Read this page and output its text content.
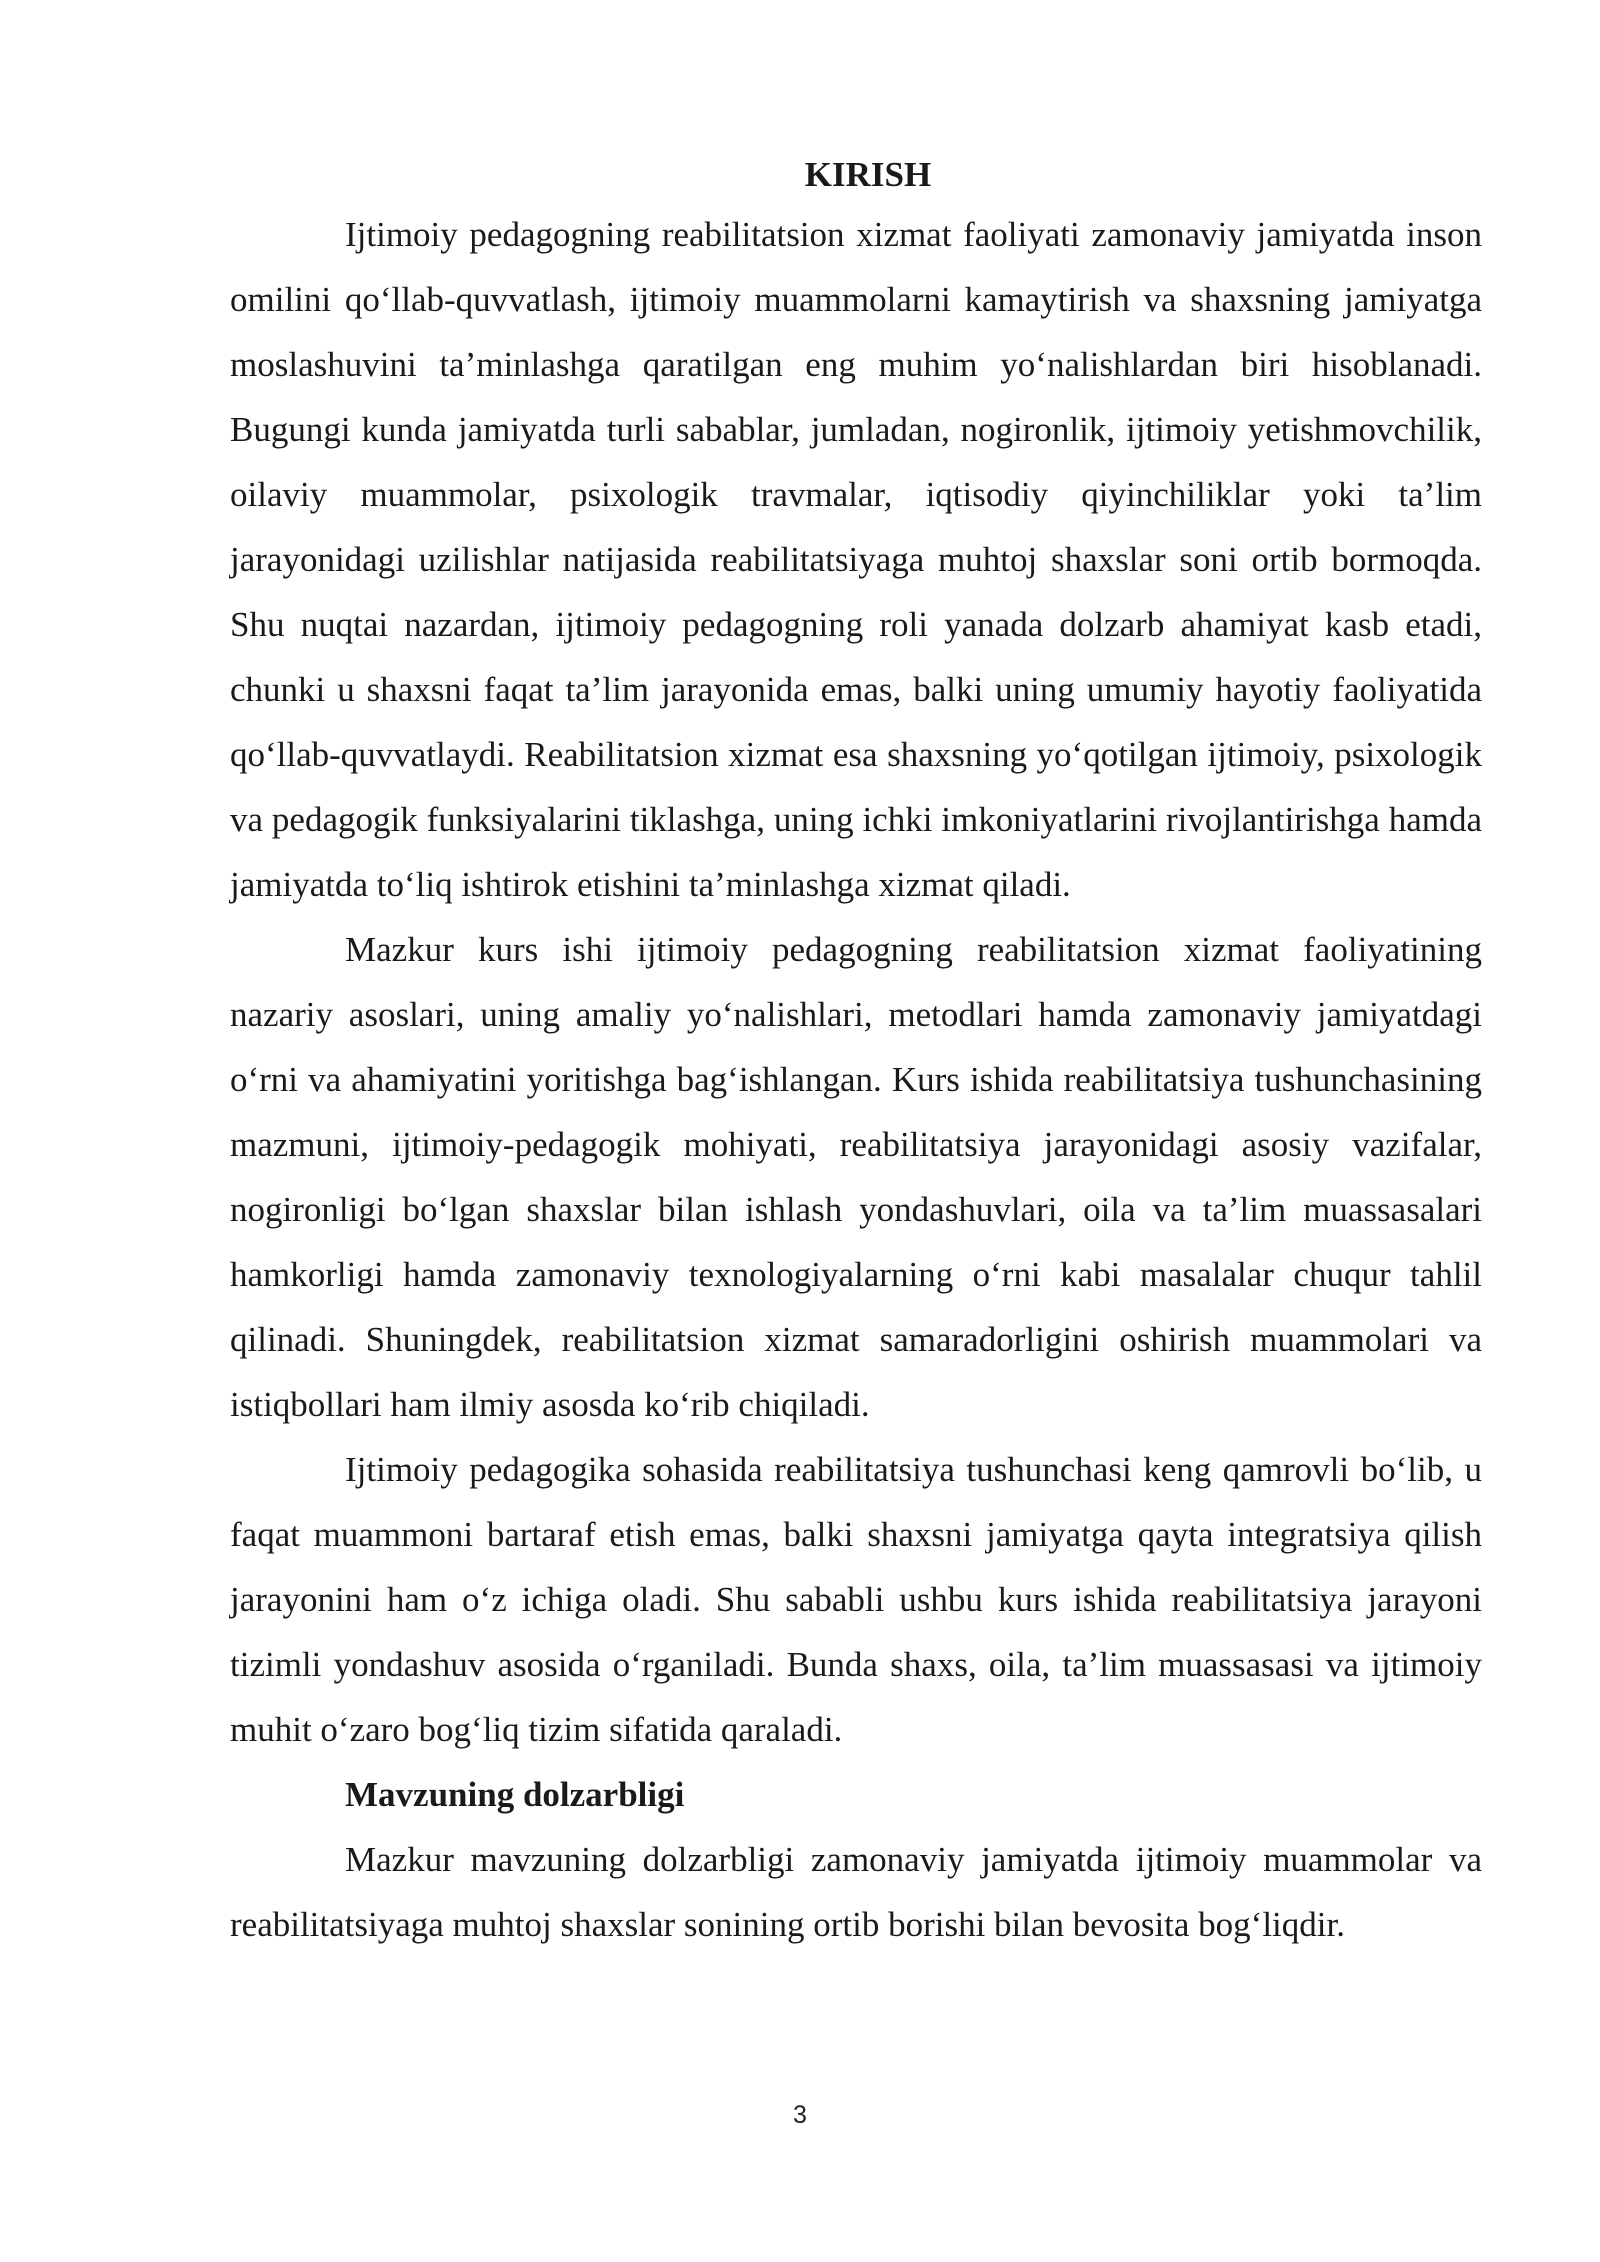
KIRISH

Ijtimoiy pedagogning reabilitatsion xizmat faoliyati zamonaviy jamiyatda inson omilini qo‘llab-quvvatlash, ijtimoiy muammolarni kamaytirish va shaxsning jamiyatga moslashuvini ta’minlashga qaratilgan eng muhim yo‘nalishlardan biri hisoblanadi. Bugungi kunda jamiyatda turli sabablar, jumladan, nogironlik, ijtimoiy yetishmovchilik, oilaviy muammolar, psixologik travmalar, iqtisodiy qiyinchiliklar yoki ta’lim jarayonidagi uzilishlar natijasida reabilitatsiyaga muhtoj shaxslar soni ortib bormoqda. Shu nuqtai nazardan, ijtimoiy pedagogning roli yanada dolzarb ahamiyat kasb etadi, chunki u shaxsni faqat ta’lim jarayonida emas, balki uning umumiy hayotiy faoliyatida qo‘llab-quvvatlaydi. Reabilitatsion xizmat esa shaxsning yo‘qotilgan ijtimoiy, psixologik va pedagogik funksiyalarini tiklashga, uning ichki imkoniyatlarini rivojlantirishga hamda jamiyatda to‘liq ishtirok etishini ta’minlashga xizmat qiladi.

Mazkur kurs ishi ijtimoiy pedagogning reabilitatsion xizmat faoliyatining nazariy asoslari, uning amaliy yo‘nalishlari, metodlari hamda zamonaviy jamiyatdagi o‘rni va ahamiyatini yoritishga bag‘ishlangan. Kurs ishida reabilitatsiya tushunchasining mazmuni, ijtimoiy-pedagogik mohiyati, reabilitatsiya jarayonidagi asosiy vazifalar, nogironligi bo‘lgan shaxslar bilan ishlash yondashuvlari, oila va ta’lim muassasalari hamkorligi hamda zamonaviy texnologiyalarning o‘rni kabi masalalar chuqur tahlil qilinadi. Shuningdek, reabilitatsion xizmat samaradorligini oshirish muammolari va istiqbollari ham ilmiy asosda ko‘rib chiqiladi.

Ijtimoiy pedagogika sohasida reabilitatsiya tushunchasi keng qamrovli bo‘lib, u faqat muammoni bartaraf etish emas, balki shaxsni jamiyatga qayta integratsiya qilish jarayonini ham o‘z ichiga oladi. Shu sababli ushbu kurs ishida reabilitatsiya jarayoni tizimli yondashuv asosida o‘rganiladi. Bunda shaxs, oila, ta’lim muassasasi va ijtimoiy muhit o‘zaro bog‘liq tizim sifatida qaraladi.

Mavzuning dolzarbligi

Mazkur mavzuning dolzarbligi zamonaviy jamiyatda ijtimoiy muammolar va reabilitatsiyaga muhtoj shaxslar sonining ortib borishi bilan bevosita bog‘liqdir.

3
